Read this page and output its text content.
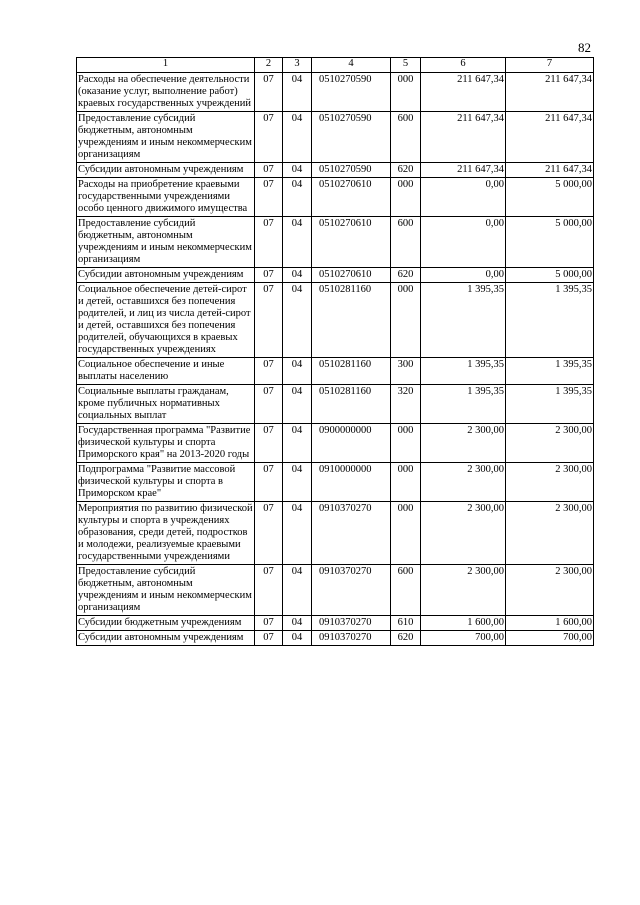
82
1	2	3	4	5	6	7
Расходы на обеспечение деятельности (оказание услуг, выполнение работ) краевых государственных учреждений	07	04	0510270590	000	211 647,34	211 647,34
Предоставление субсидий бюджетным, автономным учреждениям и иным некоммерческим организациям	07	04	0510270590	600	211 647,34	211 647,34
Субсидии автономным учреждениям	07	04	0510270590	620	211 647,34	211 647,34
Расходы на приобретение краевыми государственными учреждениями особо ценного движимого имущества	07	04	0510270610	000	0,00	5 000,00
Предоставление субсидий бюджетным, автономным учреждениям и иным некоммерческим организациям	07	04	0510270610	600	0,00	5 000,00
Субсидии автономным учреждениям	07	04	0510270610	620	0,00	5 000,00
Социальное обеспечение детей-сирот и детей, оставшихся без попечения родителей, и лиц из числа детей-сирот и детей, оставшихся без попечения родителей, обучающихся в краевых государственных учреждениях	07	04	0510281160	000	1 395,35	1 395,35
Социальное обеспечение и иные выплаты населению	07	04	0510281160	300	1 395,35	1 395,35
Социальные выплаты гражданам, кроме публичных нормативных социальных выплат	07	04	0510281160	320	1 395,35	1 395,35
Государственная программа "Развитие физической культуры и спорта Приморского края" на 2013-2020 годы	07	04	0900000000	000	2 300,00	2 300,00
Подпрограмма "Развитие массовой физической культуры и спорта в Приморском крае"	07	04	0910000000	000	2 300,00	2 300,00
Мероприятия по развитию физической культуры и спорта в учреждениях образования, среди детей, подростков и молодежи, реализуемые краевыми государственными учреждениями	07	04	0910370270	000	2 300,00	2 300,00
Предоставление субсидий бюджетным, автономным учреждениям и иным некоммерческим организациям	07	04	0910370270	600	2 300,00	2 300,00
Субсидии бюджетным учреждениям	07	04	0910370270	610	1 600,00	1 600,00
Субсидии автономным учреждениям	07	04	0910370270	620	700,00	700,00
